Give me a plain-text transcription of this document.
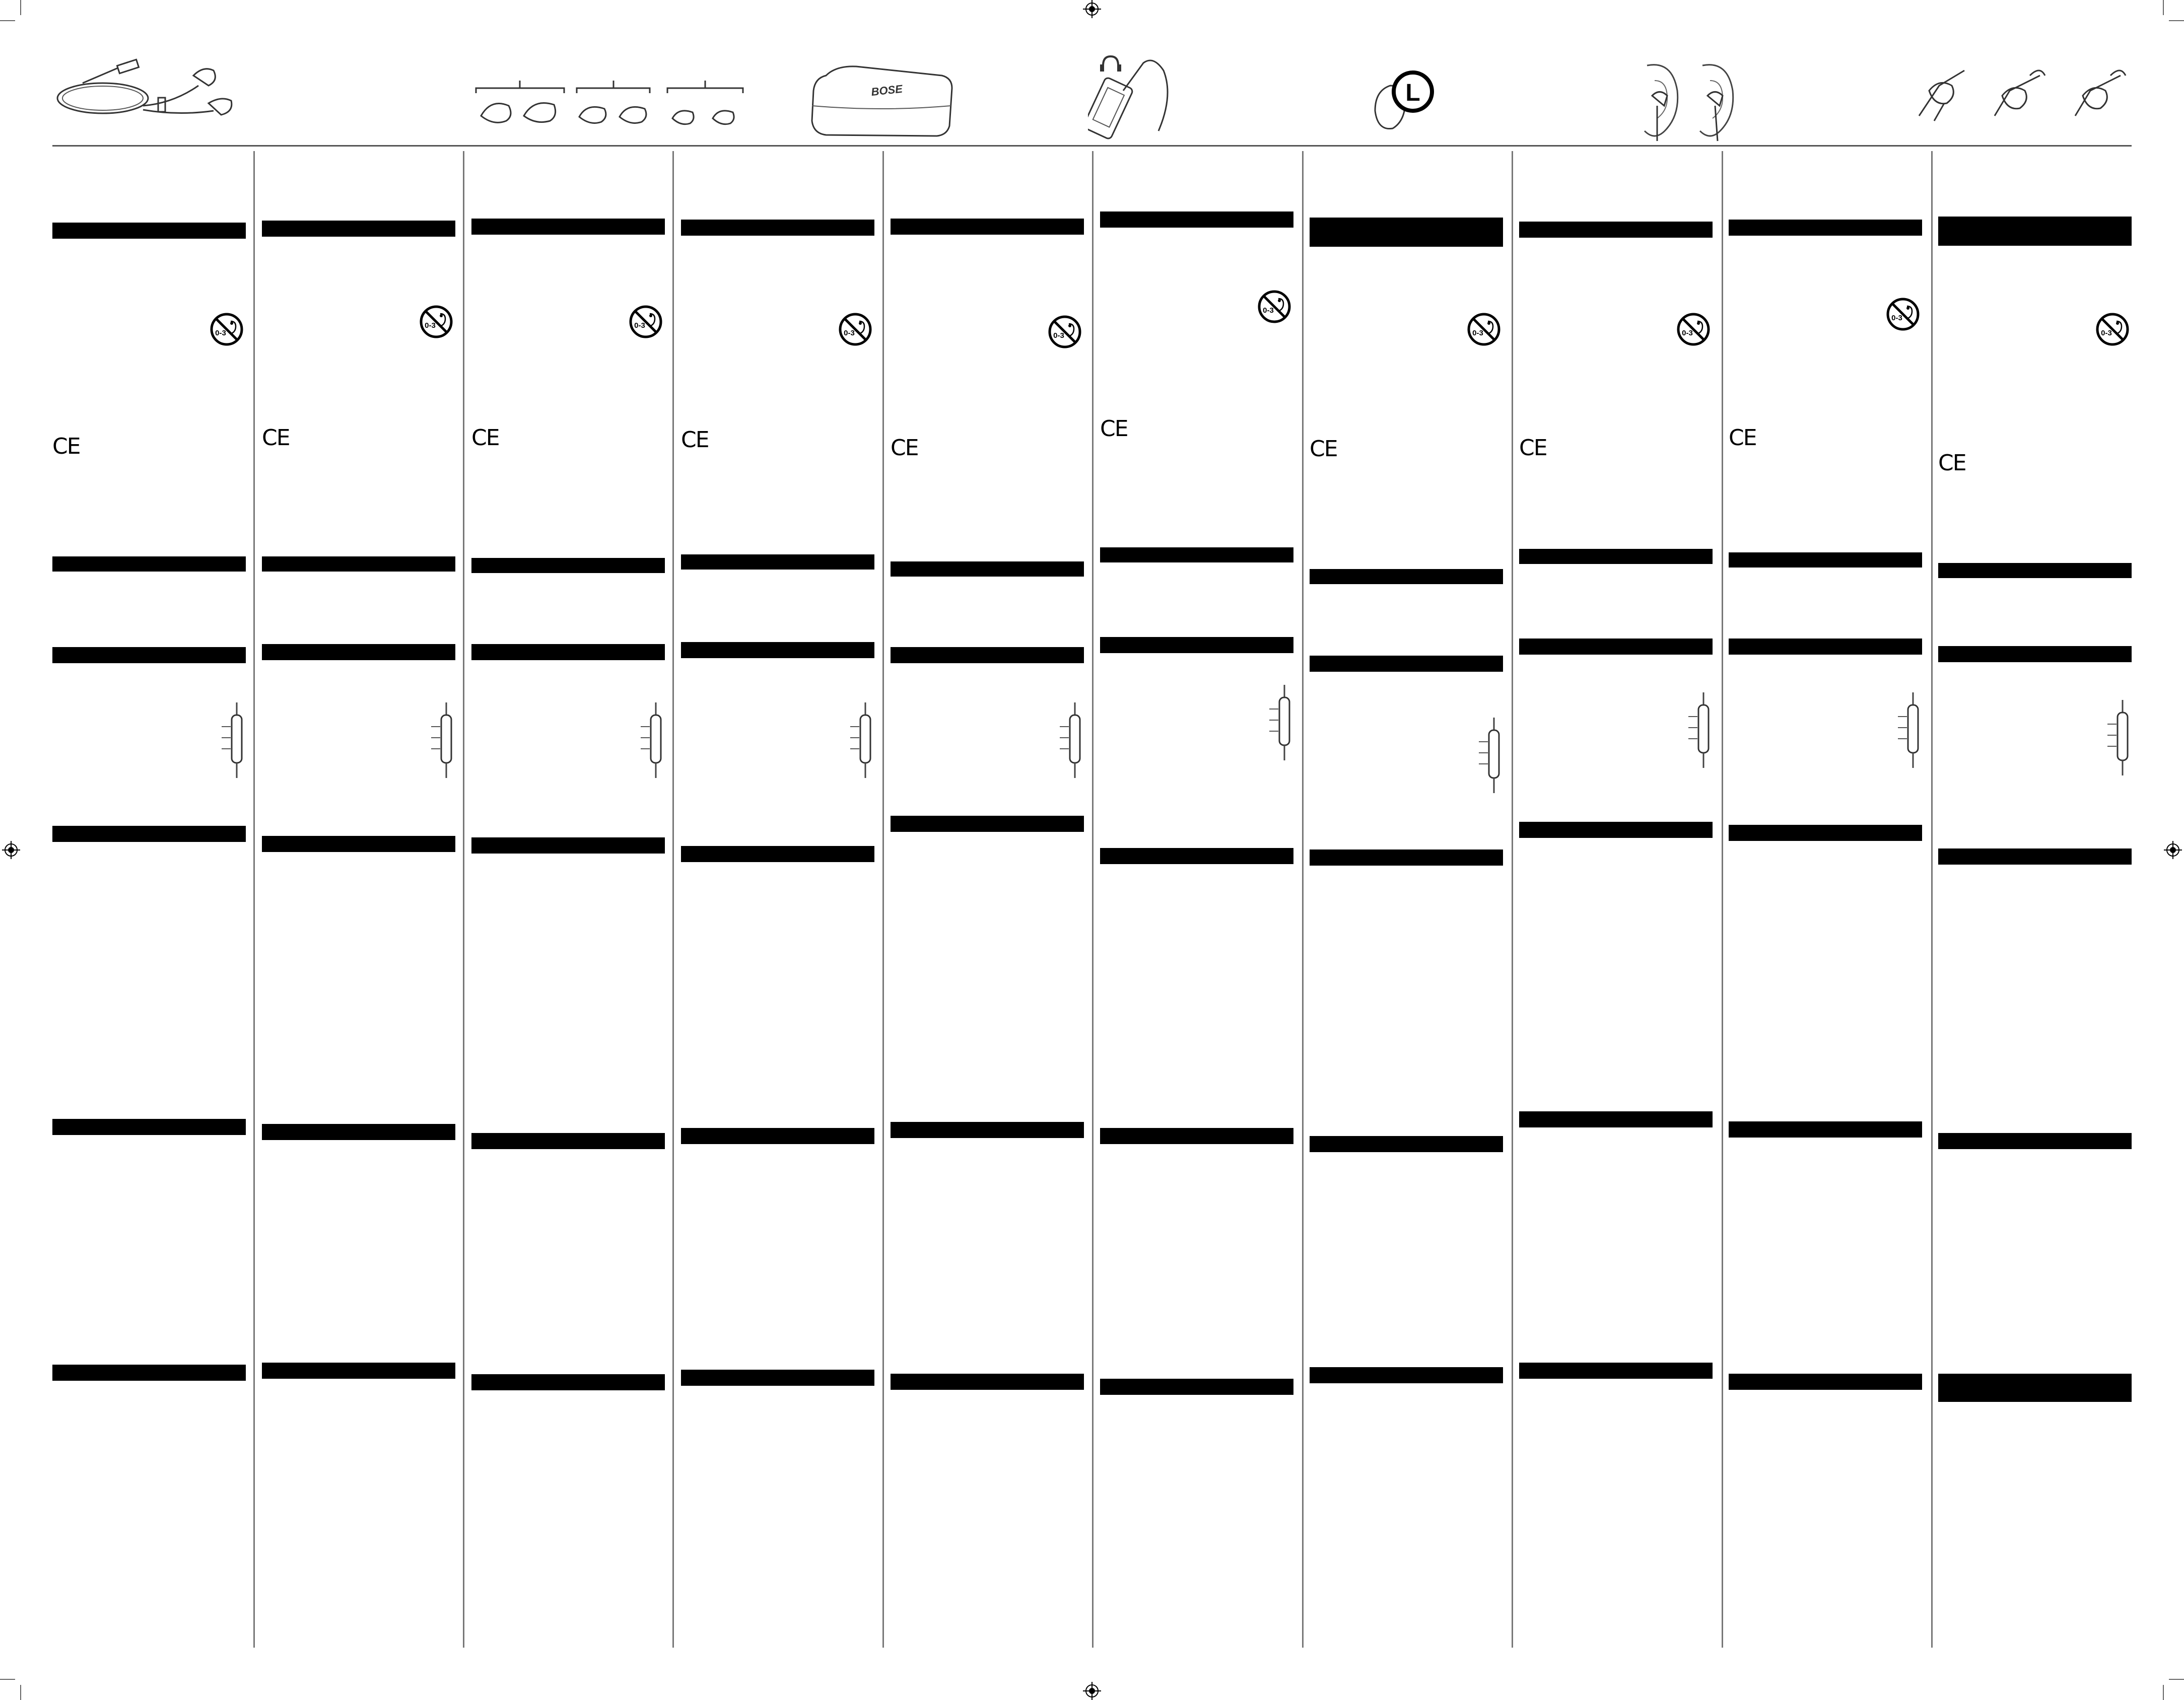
BOSE	L
0-3
CE
0-3
CE
0-3
CE
0-3
CE
0-3
CE
0-3
CE
0-3
CE
0-3
CE
0-3
CE
0-3
CE
